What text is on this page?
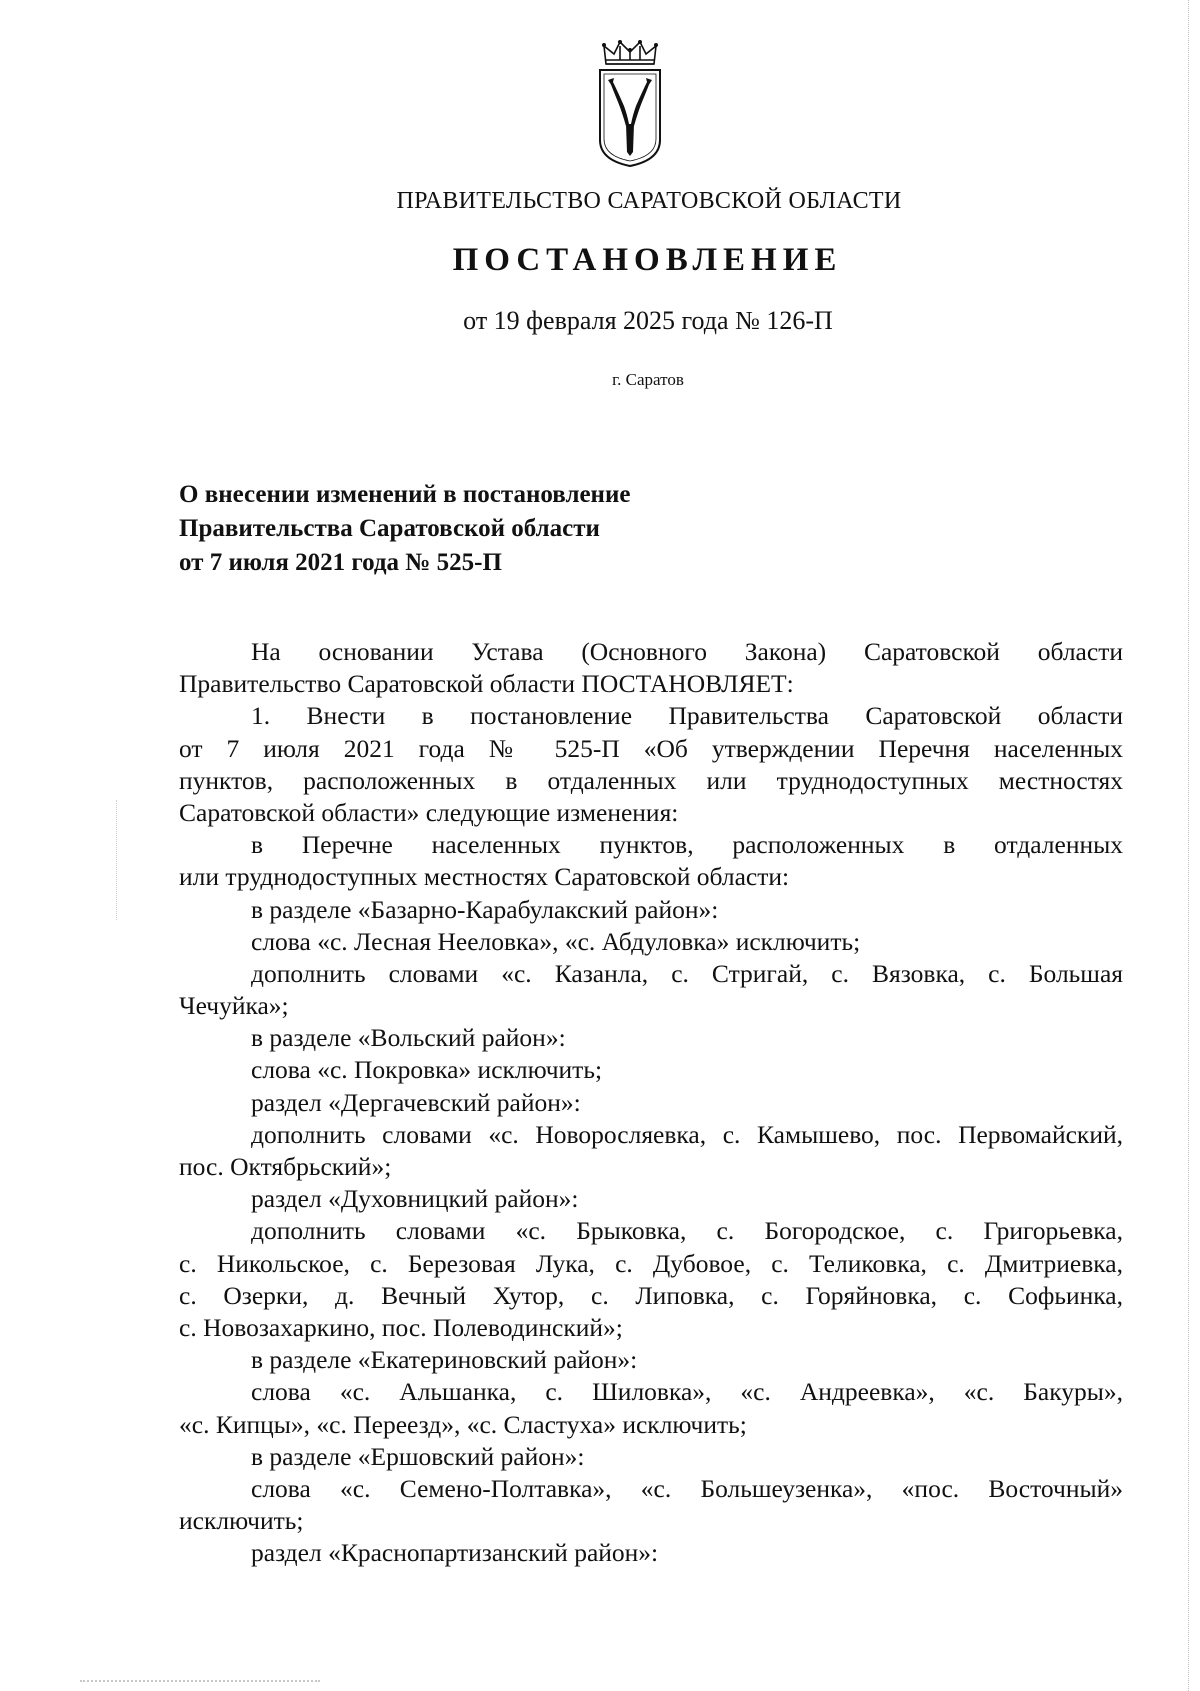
ПРАВИТЕЛЬСТВО САРАТОВСКОЙ ОБЛАСТИ
ПОСТАНОВЛЕНИЕ
от 19 февраля 2025 года № 126-П
г. Саратов
О внесении изменений в постановление
Правительства Саратовской области
от 7 июля 2021 года № 525-П
На основании Устава (Основного Закона) Саратовской области
Правительство Саратовской области ПОСТАНОВЛЯЕТ:
1. Внести в постановление Правительства Саратовской области
от 7 июля 2021 года № 525-П «Об утверждении Перечня населенных
пунктов, расположенных в отдаленных или труднодоступных местностях
Саратовской области» следующие изменения:
в Перечне населенных пунктов, расположенных в отдаленных
или труднодоступных местностях Саратовской области:
в разделе «Базарно-Карабулакский район»:
слова «с. Лесная Нееловка», «с. Абдуловка» исключить;
дополнить словами «с. Казанла, с. Стригай, с. Вязовка, с. Большая
Чечуйка»;
в разделе «Вольский район»:
слова «с. Покровка» исключить;
раздел «Дергачевский район»:
дополнить словами «с. Новоросляевка, с. Камышево, пос. Первомайский,
пос. Октябрьский»;
раздел «Духовницкий район»:
дополнить словами «с. Брыковка, с. Богородское, с. Григорьевка,
с. Никольское, с. Березовая Лука, с. Дубовое, с. Теликовка, с. Дмитриевка,
с. Озерки, д. Вечный Хутор, с. Липовка, с. Горяйновка, с. Софьинка,
с. Новозахаркино, пос. Полеводинский»;
в разделе «Екатериновский район»:
слова «с. Альшанка, с. Шиловка», «с. Андреевка», «с. Бакуры»,
«с. Кипцы», «с. Переезд», «с. Сластуха» исключить;
в разделе «Ершовский район»:
слова «с. Семено-Полтавка», «с. Большеузенка», «пос. Восточный»
исключить;
раздел «Краснопартизанский район»:
